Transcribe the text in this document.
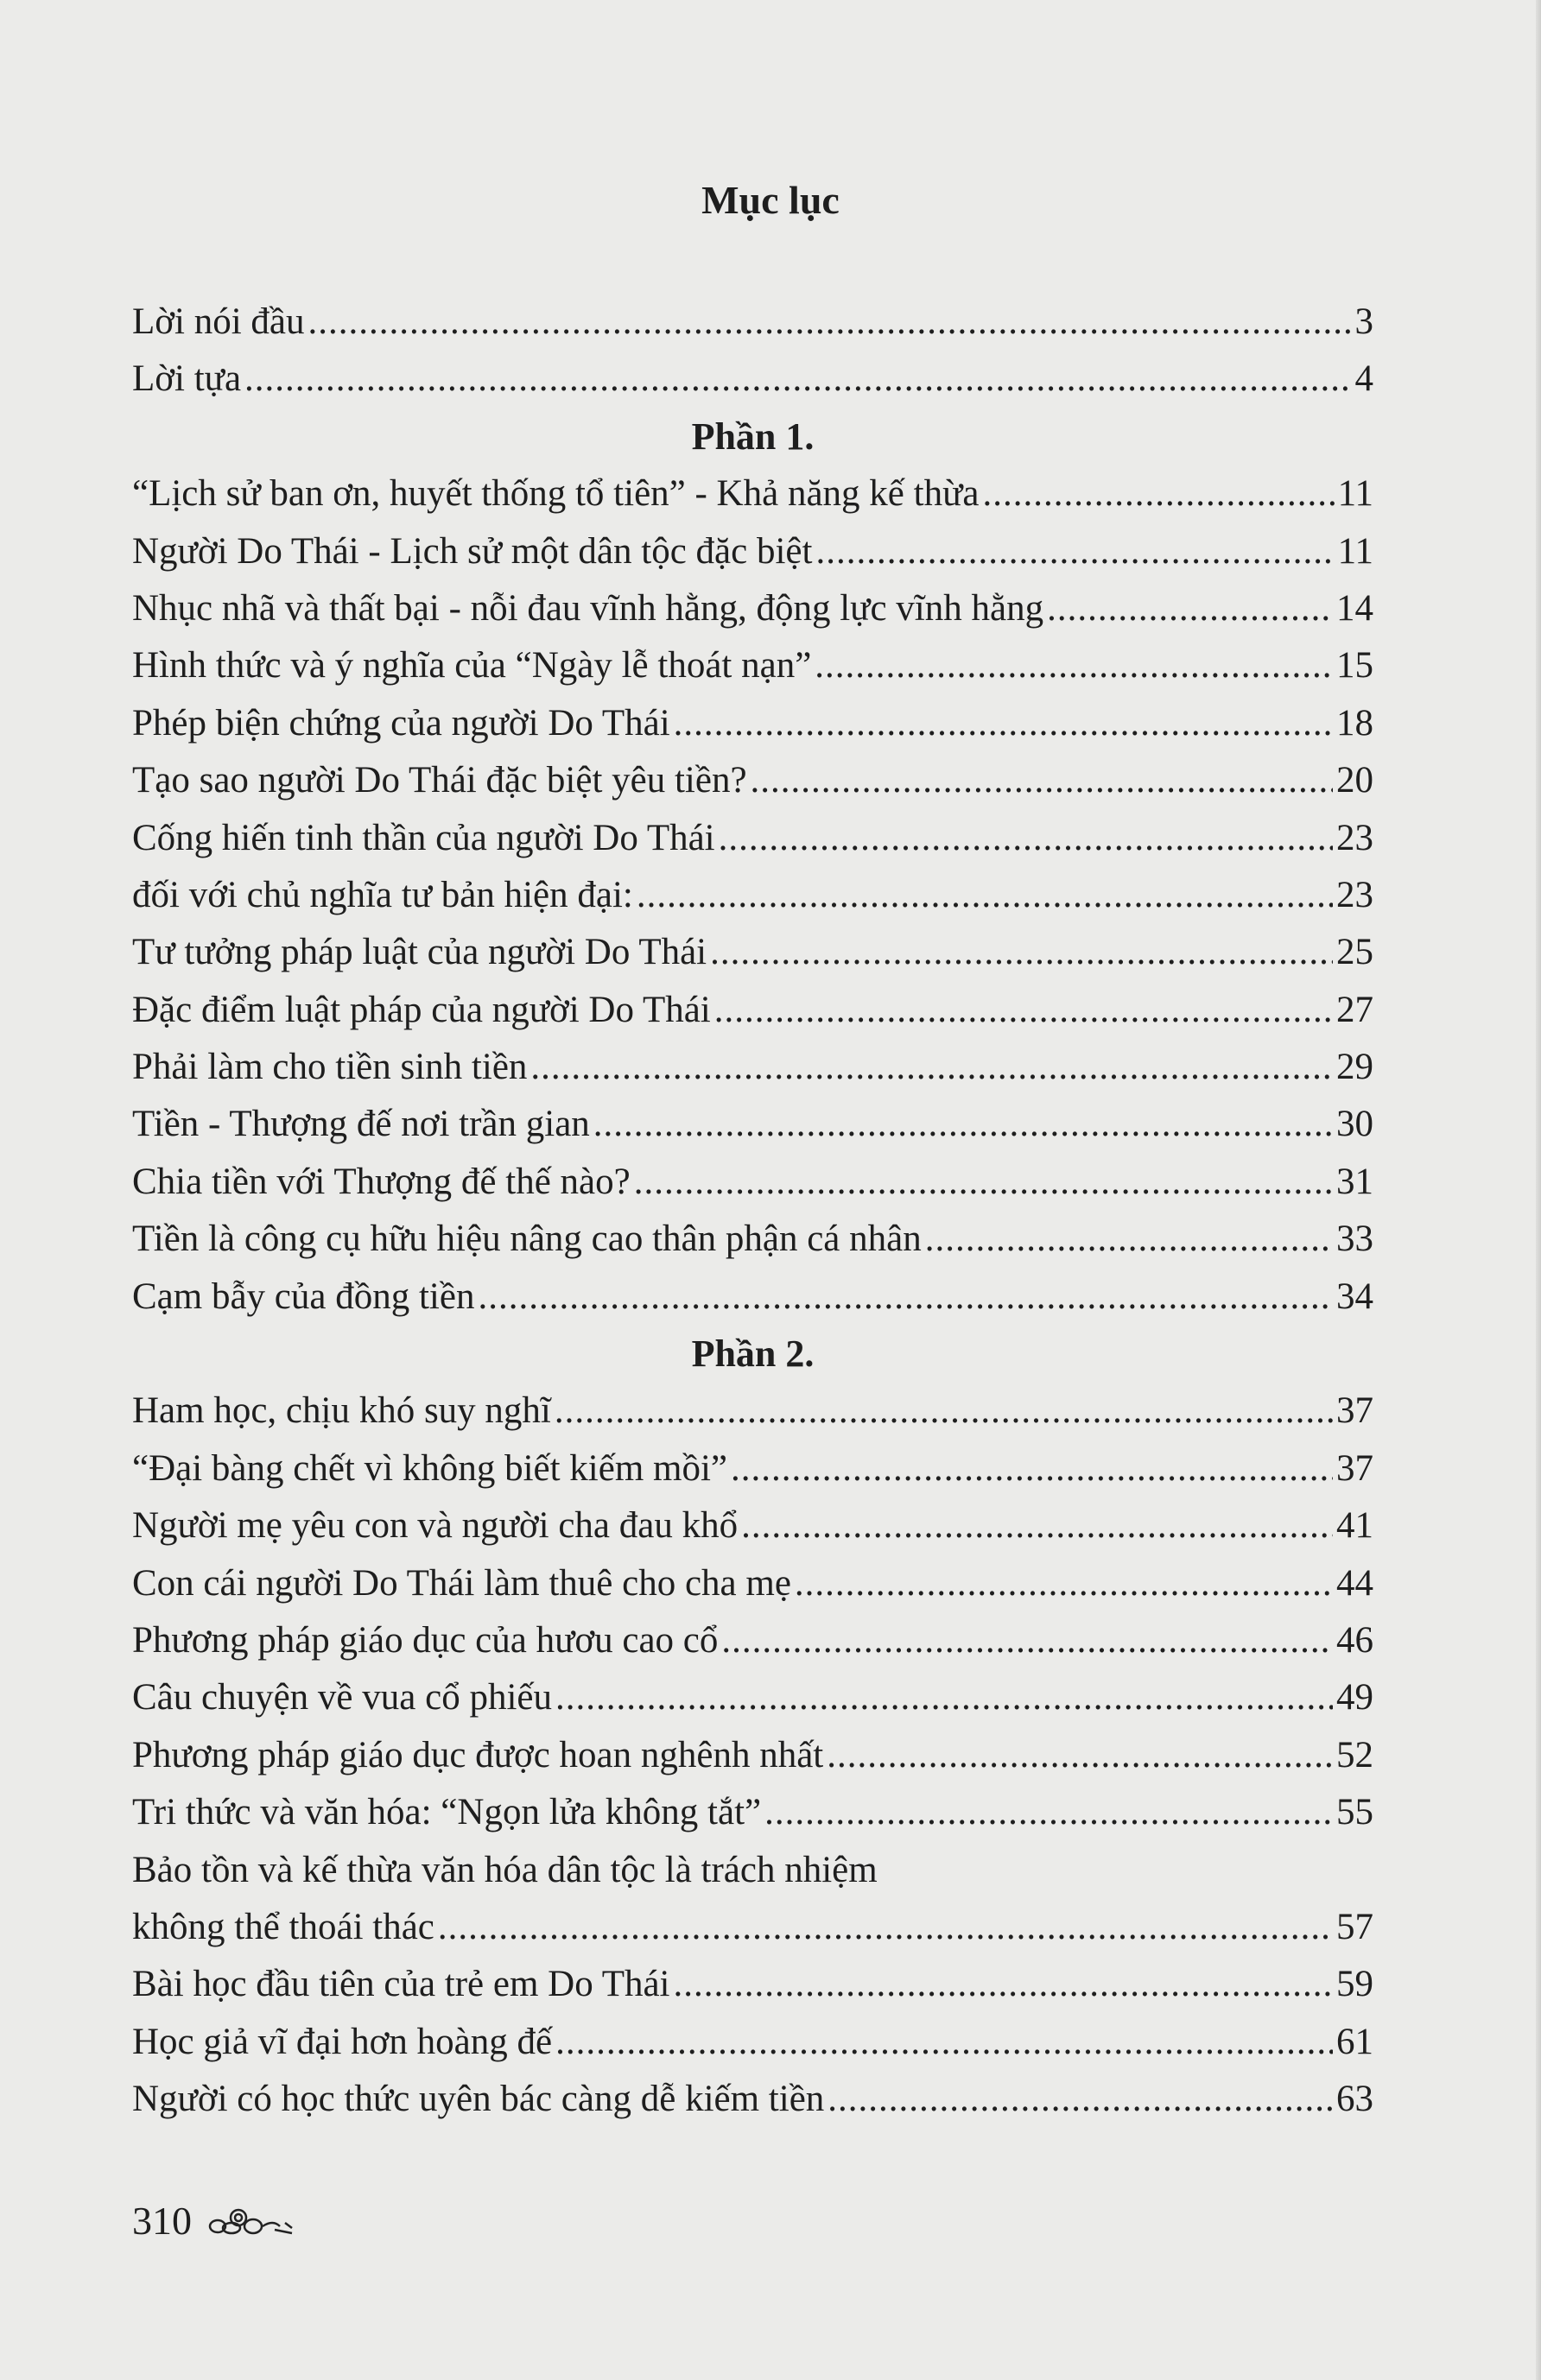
Mục lục
Lời nói đầu .....	3
Lời tựa .....	4
Phần 1.
“Lịch sử ban ơn, huyết thống tổ tiên” - Khả năng kế thừa .....	11
Người Do Thái - Lịch sử một dân tộc đặc biệt .....	11
Nhục nhã và thất bại - nỗi đau vĩnh hằng, động lực vĩnh hằng .....	14
Hình thức và ý nghĩa của “Ngày lễ thoát nạn” .....	15
Phép biện chứng của người Do Thái .....	18
Tạo sao người Do Thái đặc biệt yêu tiền? .....	20
Cống hiến tinh thần của người Do Thái .....	23
đối với chủ nghĩa tư bản hiện đại: .....	23
Tư tưởng pháp luật của người Do Thái .....	25
Đặc điểm luật pháp của người Do Thái .....	27
Phải làm cho tiền sinh tiền .....	29
Tiền - Thượng đế nơi trần gian .....	30
Chia tiền với Thượng đế thế nào? .....	31
Tiền là công cụ hữu hiệu nâng cao thân phận cá nhân .....	33
Cạm bẫy của đồng tiền .....	34
Phần 2.
Ham học, chịu khó suy nghĩ .....	37
“Đại bàng chết vì không biết kiếm mồi” .....	37
Người mẹ yêu con và người cha đau khổ .....	41
Con cái người Do Thái làm thuê cho cha mẹ .....	44
Phương pháp giáo dục của hươu cao cổ .....	46
Câu chuyện về vua cổ phiếu .....	49
Phương pháp giáo dục được hoan nghênh nhất .....	52
Tri thức và văn hóa: “Ngọn lửa không tắt” .....	55
Bảo tồn và kế thừa văn hóa dân tộc là trách nhiệm
không thể thoái thác .....	57
Bài học đầu tiên của trẻ em Do Thái .....	59
Học giả vĩ đại hơn hoàng đế .....	61
Người có học thức uyên bác càng dễ kiếm tiền .....	63
310
